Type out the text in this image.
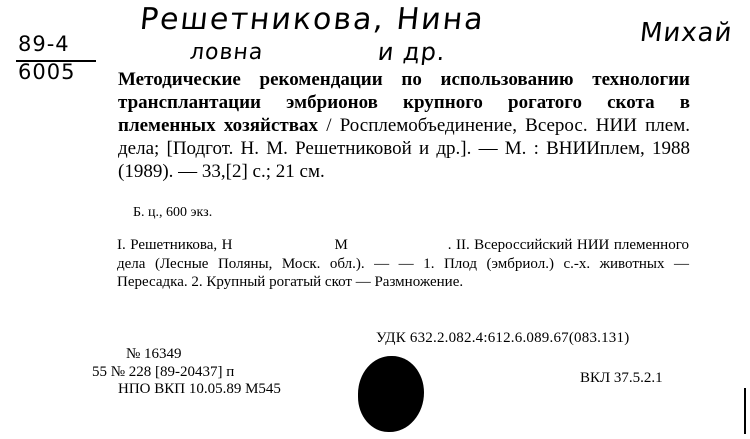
Решетникова, Нина	Михай
ловна	и др.
89-4
6005 Методические рекомендации по использованию технологии трансплантации эмбрионов крупного рогатого скота в племенных хозяйствах / Росплемобъединение, Всерос. НИИ плем. дела; [Подгот. Н. М. Решетниковой и др.]. — М. : ВНИИплем, 1988 (1989). — 33,[2] с.; 21 см.
Б. ц., 600 экз.
I. Решетникова, Н	М	. II. Всероссийский НИИ племенного дела (Лесные Поляны, Моск. обл.). — — 1. Плод (эмбриол.) с.-х. животных — Пересадка. 2. Крупный рогатый скот — Размножение.
УДК 632.2.082.4:612.6.089.67(083.131)
№ 16349
55 № 228 [89-20437] п
НПО ВКП 10.05.89 М545
ВКЛ 37.5.2.1
